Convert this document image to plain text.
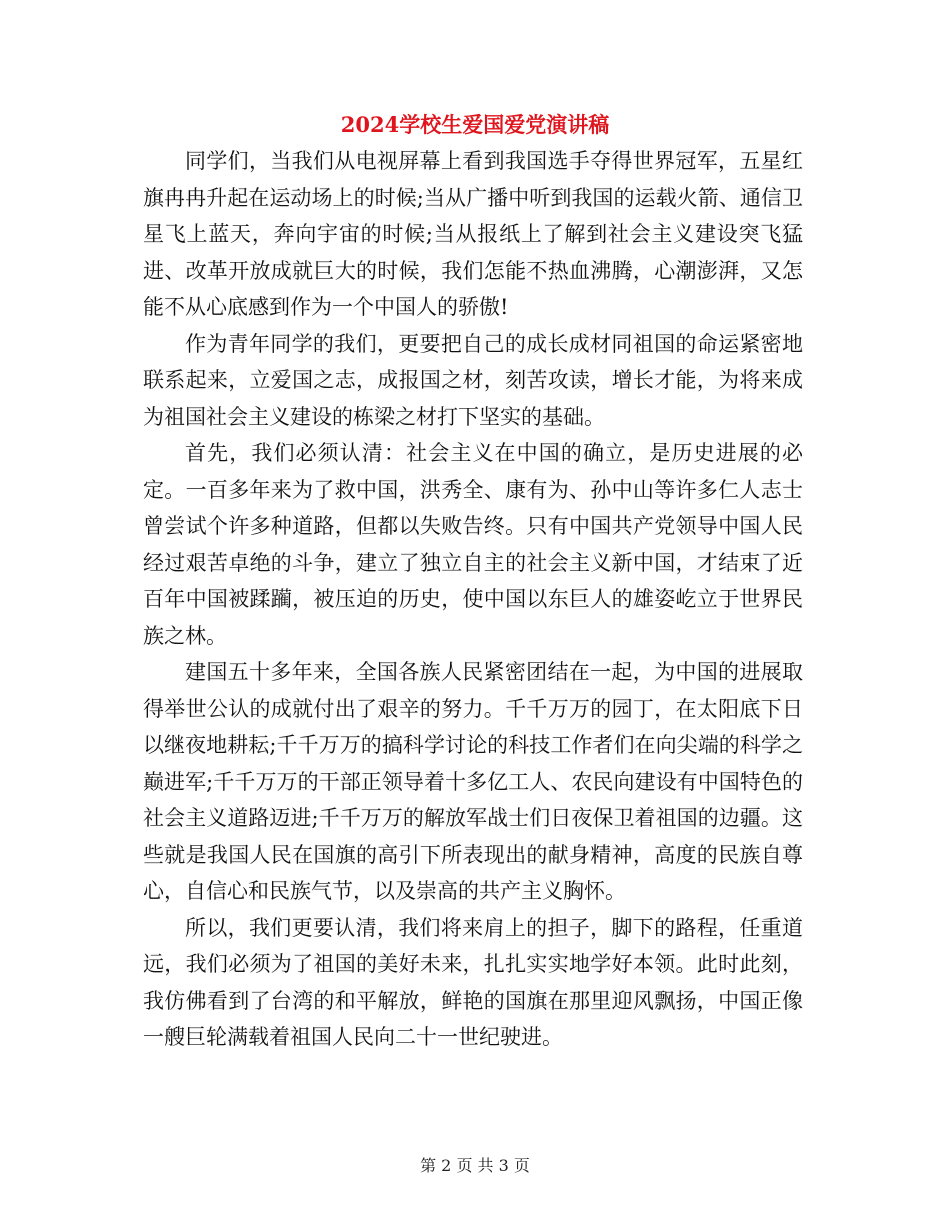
2024学校生爱国爱党演讲稿

同学们，当我们从电视屏幕上看到我国选手夺得世界冠军，五星红旗冉冉升起在运动场上的时候;当从广播中听到我国的运载火箭、通信卫星飞上蓝天，奔向宇宙的时候;当从报纸上了解到社会主义建设突飞猛进、改革开放成就巨大的时候，我们怎能不热血沸腾，心潮澎湃，又怎能不从心底感到作为一个中国人的骄傲!

作为青年同学的我们，更要把自己的成长成材同祖国的命运紧密地联系起来，立爱国之志，成报国之材，刻苦攻读，增长才能，为将来成为祖国社会主义建设的栋梁之材打下坚实的基础。

首先，我们必须认清：社会主义在中国的确立，是历史进展的必定。一百多年来为了救中国，洪秀全、康有为、孙中山等许多仁人志士曾尝试个许多种道路，但都以失败告终。只有中国共产党领导中国人民经过艰苦卓绝的斗争，建立了独立自主的社会主义新中国，才结束了近百年中国被蹂躏，被压迫的历史，使中国以东巨人的雄姿屹立于世界民族之林。

建国五十多年来，全国各族人民紧密团结在一起，为中国的进展取得举世公认的成就付出了艰辛的努力。千千万万的园丁，在太阳底下日以继夜地耕耘;千千万万的搞科学讨论的科技工作者们在向尖端的科学之巅进军;千千万万的干部正领导着十多亿工人、农民向建设有中国特色的社会主义道路迈进;千千万万的解放军战士们日夜保卫着祖国的边疆。这些就是我国人民在国旗的高引下所表现出的献身精神，高度的民族自尊心，自信心和民族气节，以及崇高的共产主义胸怀。

所以，我们更要认清，我们将来肩上的担子，脚下的路程，任重道远，我们必须为了祖国的美好未来，扎扎实实地学好本领。此时此刻，我仿佛看到了台湾的和平解放，鲜艳的国旗在那里迎风飘扬，中国正像一艘巨轮满载着祖国人民向二十一世纪驶进。

第 2 页 共 3 页
